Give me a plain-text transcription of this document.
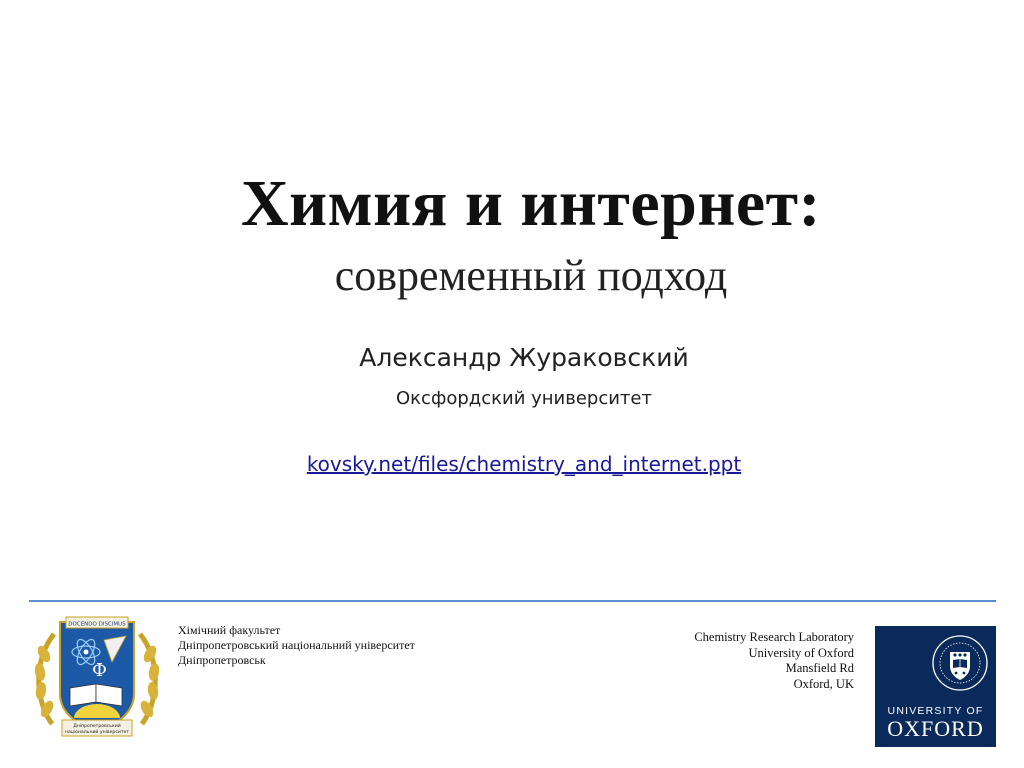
Химия и интернет:
современный подход
Александр Жураковский
Оксфордский университет
kovsky.net/files/chemistry_and_internet.ppt
DOCENDO DISCIMUS
Ф
Дніпропетровський
національний університет
Хімічний факультет
Дніпропетровський національний університет
Дніпропетровськ
Chemistry Research Laboratory
University of Oxford
Mansfield Rd
Oxford, UK
UNIVERSITY OF
OXFORD
